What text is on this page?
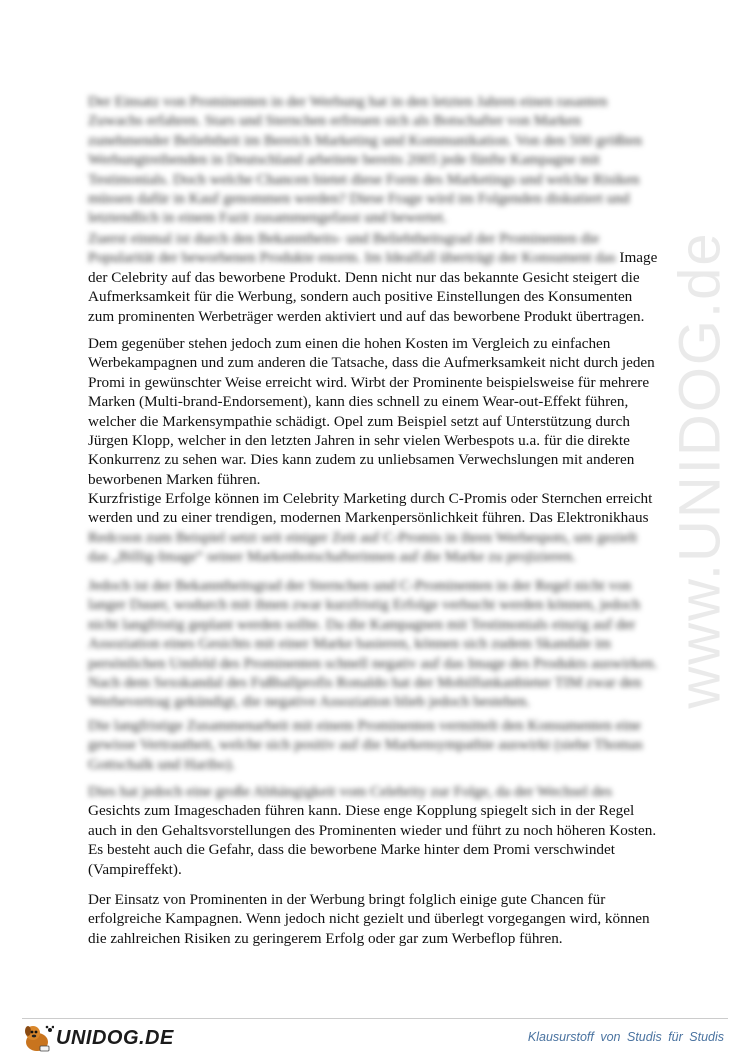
www.UNIDOG.de

Der Einsatz von Prominenten in der Werbung hat in den letzten Jahren einen rasanten Zuwachs erfahren. Stars und Sternchen erfreuen sich als Botschafter von Marken zunehmender Beliebtheit im Bereich Marketing und Kommunikation. Von den 500 größten Werbungtreibenden in Deutschland arbeitete bereits 2005 jede fünfte Kampagne mit Testimonials. Doch welche Chancen bietet diese Form des Marketings und welche Risiken müssen dafür in Kauf genommen werden? Diese Frage wird im Folgenden diskutiert und letztendlich in einem Fazit zusammengefasst und bewertet.

Zuerst einmal ist durch den Bekanntheits- und Beliebtheitsgrad der Prominenten die Popularität der beworbenen Produkte enorm. Im Idealfall überträgt der Konsument das Image der Celebrity auf das beworbene Produkt. Denn nicht nur das bekannte Gesicht steigert die Aufmerksamkeit für die Werbung, sondern auch positive Einstellungen des Konsumenten zum prominenten Werbeträger werden aktiviert und auf das beworbene Produkt übertragen.

Dem gegenüber stehen jedoch zum einen die hohen Kosten im Vergleich zu einfachen Werbekampagnen und zum anderen die Tatsache, dass die Aufmerksamkeit nicht durch jeden Promi in gewünschter Weise erreicht wird. Wirbt der Prominente beispielsweise für mehrere Marken (Multi-brand-Endorsement), kann dies schnell zu einem Wear-out-Effekt führen, welcher die Markensympathie schädigt. Opel zum Beispiel setzt auf Unterstützung durch Jürgen Klopp, welcher in den letzten Jahren in sehr vielen Werbespots u.a. für die direkte Konkurrenz zu sehen war. Dies kann zudem zu unliebsamen Verwechslungen mit anderen beworbenen Marken führen.

Kurzfristige Erfolge können im Celebrity Marketing durch C-Promis oder Sternchen erreicht werden und zu einer trendigen, modernen Markenpersönlichkeit führen. Das Elektronikhaus Redcoon zum Beispiel setzt seit einiger Zeit auf C-Promis in ihren Werbespots, um gezielt das „Billig-Image“ seiner Markenbotschafterinnen auf die Marke zu projizieren.

Jedoch ist der Bekanntheitsgrad der Sternchen und C-Prominenten in der Regel nicht von langer Dauer, wodurch mit ihnen zwar kurzfristig Erfolge verbucht werden können, jedoch nicht langfristig geplant werden sollte. Da die Kampagnen mit Testimonials einzig auf der Assoziation eines Gesichts mit einer Marke basieren, können sich zudem Skandale im persönlichen Umfeld des Prominenten schnell negativ auf das Image des Produkts auswirken. Nach dem Sexskandal des Fußballprofis Ronaldo hat der Mobilfunkanbieter TIM zwar den Werbevertrag gekündigt, die negative Assoziation blieb jedoch bestehen.

Die langfristige Zusammenarbeit mit einem Prominenten vermittelt den Konsumenten eine gewisse Vertrautheit, welche sich positiv auf die Markensympathie auswirkt (siehe Thomas Gottschalk und Haribo).

Dies hat jedoch eine große Abhängigkeit vom Celebrity zur Folge, da der Wechsel des Gesichts zum Imageschaden führen kann. Diese enge Kopplung spiegelt sich in der Regel auch in den Gehaltsvorstellungen des Prominenten wieder und führt zu noch höheren Kosten. Es besteht auch die Gefahr, dass die beworbene Marke hinter dem Promi verschwindet (Vampireffekt).

Der Einsatz von Prominenten in der Werbung bringt folglich einige gute Chancen für erfolgreiche Kampagnen. Wenn jedoch nicht gezielt und überlegt vorgegangen wird, können die zahlreichen Risiken zu geringerem Erfolg oder gar zum Werbeflop führen.

UNIDOG.DE	Klausurstoff von Studis für Studis
